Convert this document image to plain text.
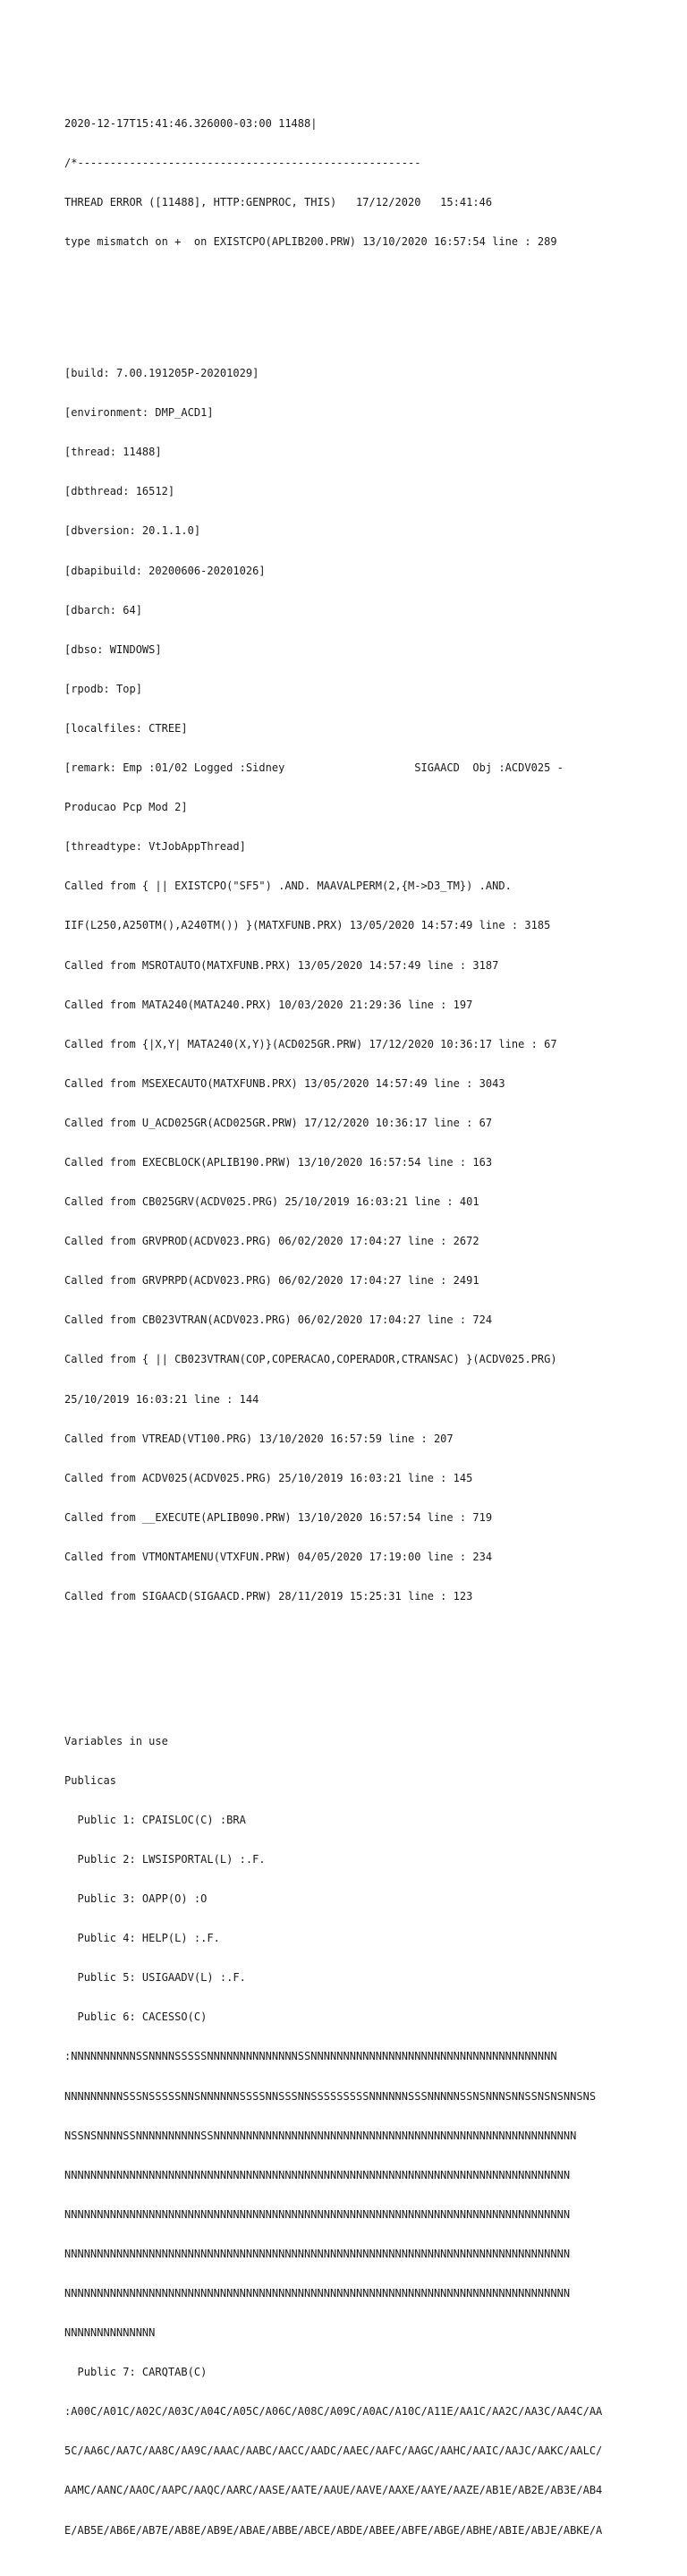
2020-12-17T15:41:46.326000-03:00 11488|

/*-----------------------------------------------------

THREAD ERROR ([11488], HTTP:GENPROC, THIS)   17/12/2020   15:41:46

type mismatch on +  on EXISTCPO(APLIB200.PRW) 13/10/2020 16:57:54 line : 289

[build: 7.00.191205P-20201029]

[environment: DMP_ACD1]

[thread: 11488]

[dbthread: 16512]

[dbversion: 20.1.1.0]

[dbapibuild: 20200606-20201026]

[dbarch: 64]

[dbso: WINDOWS]

[rpodb: Top]

[localfiles: CTREE]

[remark: Emp :01/02 Logged :Sidney                    SIGAACD  Obj :ACDV025 -

Producao Pcp Mod 2]

[threadtype: VtJobAppThread]

Called from { || EXISTCPO("SF5") .AND. MAAVALPERM(2,{M->D3_TM}) .AND.

IIF(L250,A250TM(),A240TM()) }(MATXFUNB.PRX) 13/05/2020 14:57:49 line : 3185

Called from MSROTAUTO(MATXFUNB.PRX) 13/05/2020 14:57:49 line : 3187

Called from MATA240(MATA240.PRX) 10/03/2020 21:29:36 line : 197

Called from {|X,Y| MATA240(X,Y)}(ACD025GR.PRW) 17/12/2020 10:36:17 line : 67

Called from MSEXECAUTO(MATXFUNB.PRX) 13/05/2020 14:57:49 line : 3043

Called from U_ACD025GR(ACD025GR.PRW) 17/12/2020 10:36:17 line : 67

Called from EXECBLOCK(APLIB190.PRW) 13/10/2020 16:57:54 line : 163

Called from CB025GRV(ACDV025.PRG) 25/10/2019 16:03:21 line : 401

Called from GRVPROD(ACDV023.PRG) 06/02/2020 17:04:27 line : 2672

Called from GRVPRPD(ACDV023.PRG) 06/02/2020 17:04:27 line : 2491

Called from CB023VTRAN(ACDV023.PRG) 06/02/2020 17:04:27 line : 724

Called from { || CB023VTRAN(COP,COPERACAO,COPERADOR,CTRANSAC) }(ACDV025.PRG)

25/10/2019 16:03:21 line : 144

Called from VTREAD(VT100.PRG) 13/10/2020 16:57:59 line : 207

Called from ACDV025(ACDV025.PRG) 25/10/2019 16:03:21 line : 145

Called from __EXECUTE(APLIB090.PRW) 13/10/2020 16:57:54 line : 719

Called from VTMONTAMENU(VTXFUN.PRW) 04/05/2020 17:19:00 line : 234

Called from SIGAACD(SIGAACD.PRW) 28/11/2019 15:25:31 line : 123

Variables in use

Publicas

Public 1: CPAISLOC(C) :BRA

Public 2: LWSISPORTAL(L) :.F.

Public 3: OAPP(O) :O

Public 4: HELP(L) :.F.

Public 5: USIGAADV(L) :.F.

Public 6: CACESSO(C)

:NNNNNNNNNNSSNNNNSSSSSNNNNNNNNNNNNNNSSNNNNNNNNNNNNNNNNNNNNNNNNNNNNNNNNNNNNNN

NNNNNNNNNSSSNSSSSSNNSNNNNNNSSSSNNSSSNNSSSSSSSSSNNNNNNSSSNNNNNSSNSNNNSNNSSNSNSNNSNS

NSSNSNNNNSSNNNNNNNNNNSSNNNNNNNNNNNNNNNNNNNNNNNNNNNNNNNNNNNNNNNNNNNNNNNNNNNNNNNN

NNNNNNNNNNNNNNNNNNNNNNNNNNNNNNNNNNNNNNNNNNNNNNNNNNNNNNNNNNNNNNNNNNNNNNNNNNNNNN

NNNNNNNNNNNNNNNNNNNNNNNNNNNNNNNNNNNNNNNNNNNNNNNNNNNNNNNNNNNNNNNNNNNNNNNNNNNNNN

NNNNNNNNNNNNNNNNNNNNNNNNNNNNNNNNNNNNNNNNNNNNNNNNNNNNNNNNNNNNNNNNNNNNNNNNNNNNNN

NNNNNNNNNNNNNNNNNNNNNNNNNNNNNNNNNNNNNNNNNNNNNNNNNNNNNNNNNNNNNNNNNNNNNNNNNNNNNN

NNNNNNNNNNNNNN

Public 7: CARQTAB(C)

:A00C/A01C/A02C/A03C/A04C/A05C/A06C/A08C/A09C/A0AC/A10C/A11E/AA1C/AA2C/AA3C/AA4C/AA

5C/AA6C/AA7C/AA8C/AA9C/AAAC/AABC/AACC/AADC/AAEC/AAFC/AAGC/AAHC/AAIC/AAJC/AAKC/AALC/

AAMC/AANC/AAOC/AAPC/AAQC/AARC/AASE/AATE/AAUE/AAVE/AAXE/AAYE/AAZE/AB1E/AB2E/AB3E/AB4

E/AB5E/AB6E/AB7E/AB8E/AB9E/ABAE/ABBE/ABCE/ABDE/ABEE/ABFE/ABGE/ABHE/ABIE/ABJE/ABKE/A
